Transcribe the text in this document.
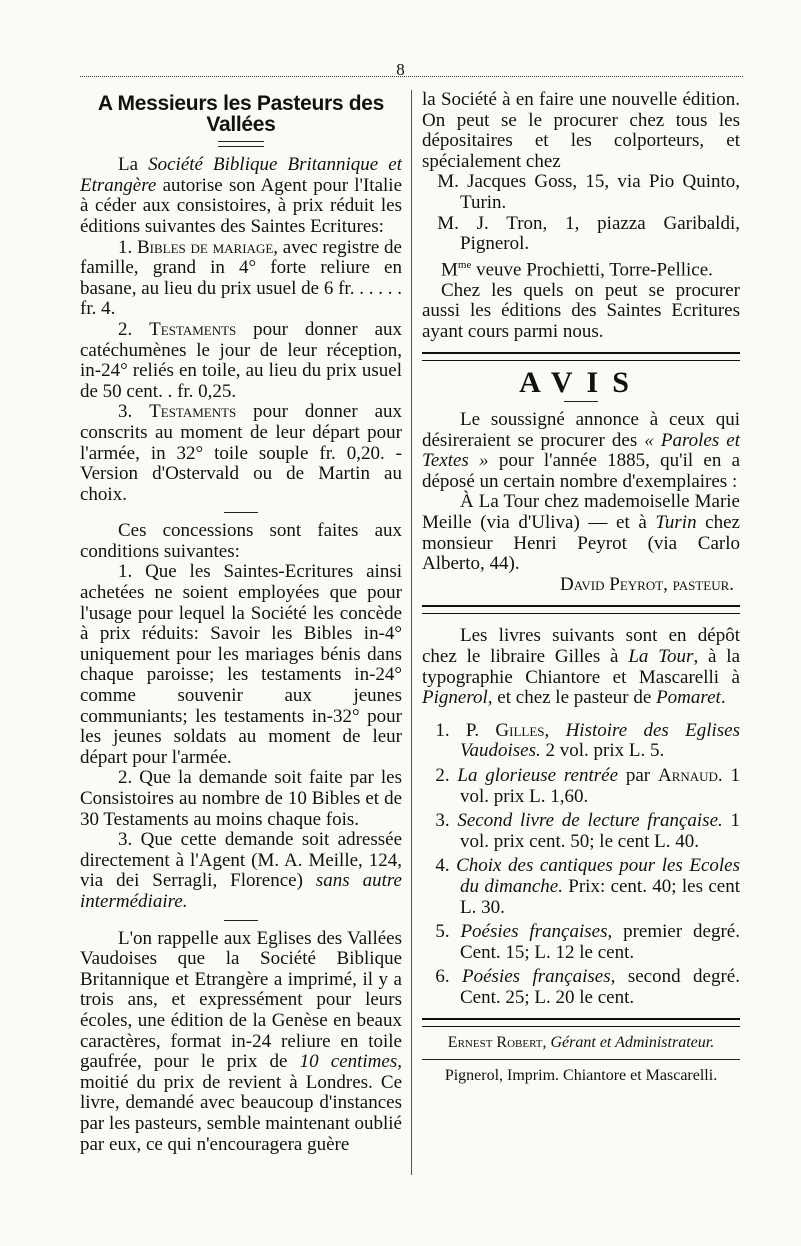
8
A Messieurs les Pasteurs des Vallées

La Société Biblique Britannique et Etrangère autorise son Agent pour l'Italie à céder aux consistoires, à prix réduit les éditions suivantes des Saintes Ecritures:

1. Bibles de mariage, avec registre de famille, grand in 4° forte reliure en basane, au lieu du prix usuel de 6 fr. . . . . . fr. 4.

2. Testaments pour donner aux catéchumènes le jour de leur réception, in-24° reliés en toile, au lieu du prix usuel de 50 cent. . fr. 0,25.

3. Testaments pour donner aux conscrits au moment de leur départ pour l'armée, in 32° toile souple fr. 0,20. - Version d'Ostervald ou de Martin au choix.

Ces concessions sont faites aux conditions suivantes:

1. Que les Saintes-Ecritures ainsi achetées ne soient employées que pour l'usage pour lequel la Société les concède à prix réduits: Savoir les Bibles in-4° uniquement pour les mariages bénis dans chaque paroisse; les testaments in-24° comme souvenir aux jeunes communiants; les testaments in-32° pour les jeunes soldats au moment de leur départ pour l'armée.

2. Que la demande soit faite par les Consistoires au nombre de 10 Bibles et de 30 Testaments au moins chaque fois.

3. Que cette demande soit adressée directement à l'Agent (M. A. Meille, 124, via dei Serragli, Florence) sans autre intermédiaire.

L'on rappelle aux Eglises des Vallées Vaudoises que la Société Biblique Britannique et Etrangère a imprimé, il y a trois ans, et expressément pour leurs écoles, une édition de la Genèse en beaux caractères, format in-24 reliure en toile gaufrée, pour le prix de 10 centimes, moitié du prix de revient à Londres. Ce livre, demandé avec beaucoup d'instances par les pasteurs, semble maintenant oublié par eux, ce qui n'encouragera guère

la Société à en faire une nouvelle édition. On peut se le procurer chez tous les dépositaires et les colporteurs, et spécialement chez

M. Jacques Goss, 15, via Pio Quinto, Turin.

M. J. Tron, 1, piazza Garibaldi, Pignerol.

$M^{me}$ veuve Prochietti, Torre-Pellice.

Chez les quels on peut se procurer aussi les éditions des Saintes Ecritures ayant cours parmi nous.

AVIS

Le soussigné annonce à ceux qui désireraient se procurer des « Paroles et Textes » pour l'année 1885, qu'il en a déposé un certain nombre d'exemplaires :

À La Tour chez mademoiselle Marie Meille (via d'Uliva) — et à Turin chez monsieur Henri Peyrot (via Carlo Alberto, 44).

David Peyrot, pasteur.

Les livres suivants sont en dépôt chez le libraire Gilles à La Tour, à la typographie Chiantore et Mascarelli à Pignerol, et chez le pasteur de Pomaret.

1. P. Gilles, Histoire des Eglises Vaudoises. 2 vol. prix L. 5.

2. La glorieuse rentrée par Arnaud. 1 vol. prix L. 1,60.

3. Second livre de lecture française. 1 vol. prix cent. 50; le cent L. 40.

4. Choix des cantiques pour les Ecoles du dimanche. Prix: cent. 40; les cent L. 30.

5. Poésies françaises, premier degré. Cent. 15; L. 12 le cent.

6. Poésies françaises, second degré. Cent. 25; L. 20 le cent.

Ernest Robert, Gérant et Administrateur.

Pignerol, Imprim. Chiantore et Mascarelli.
